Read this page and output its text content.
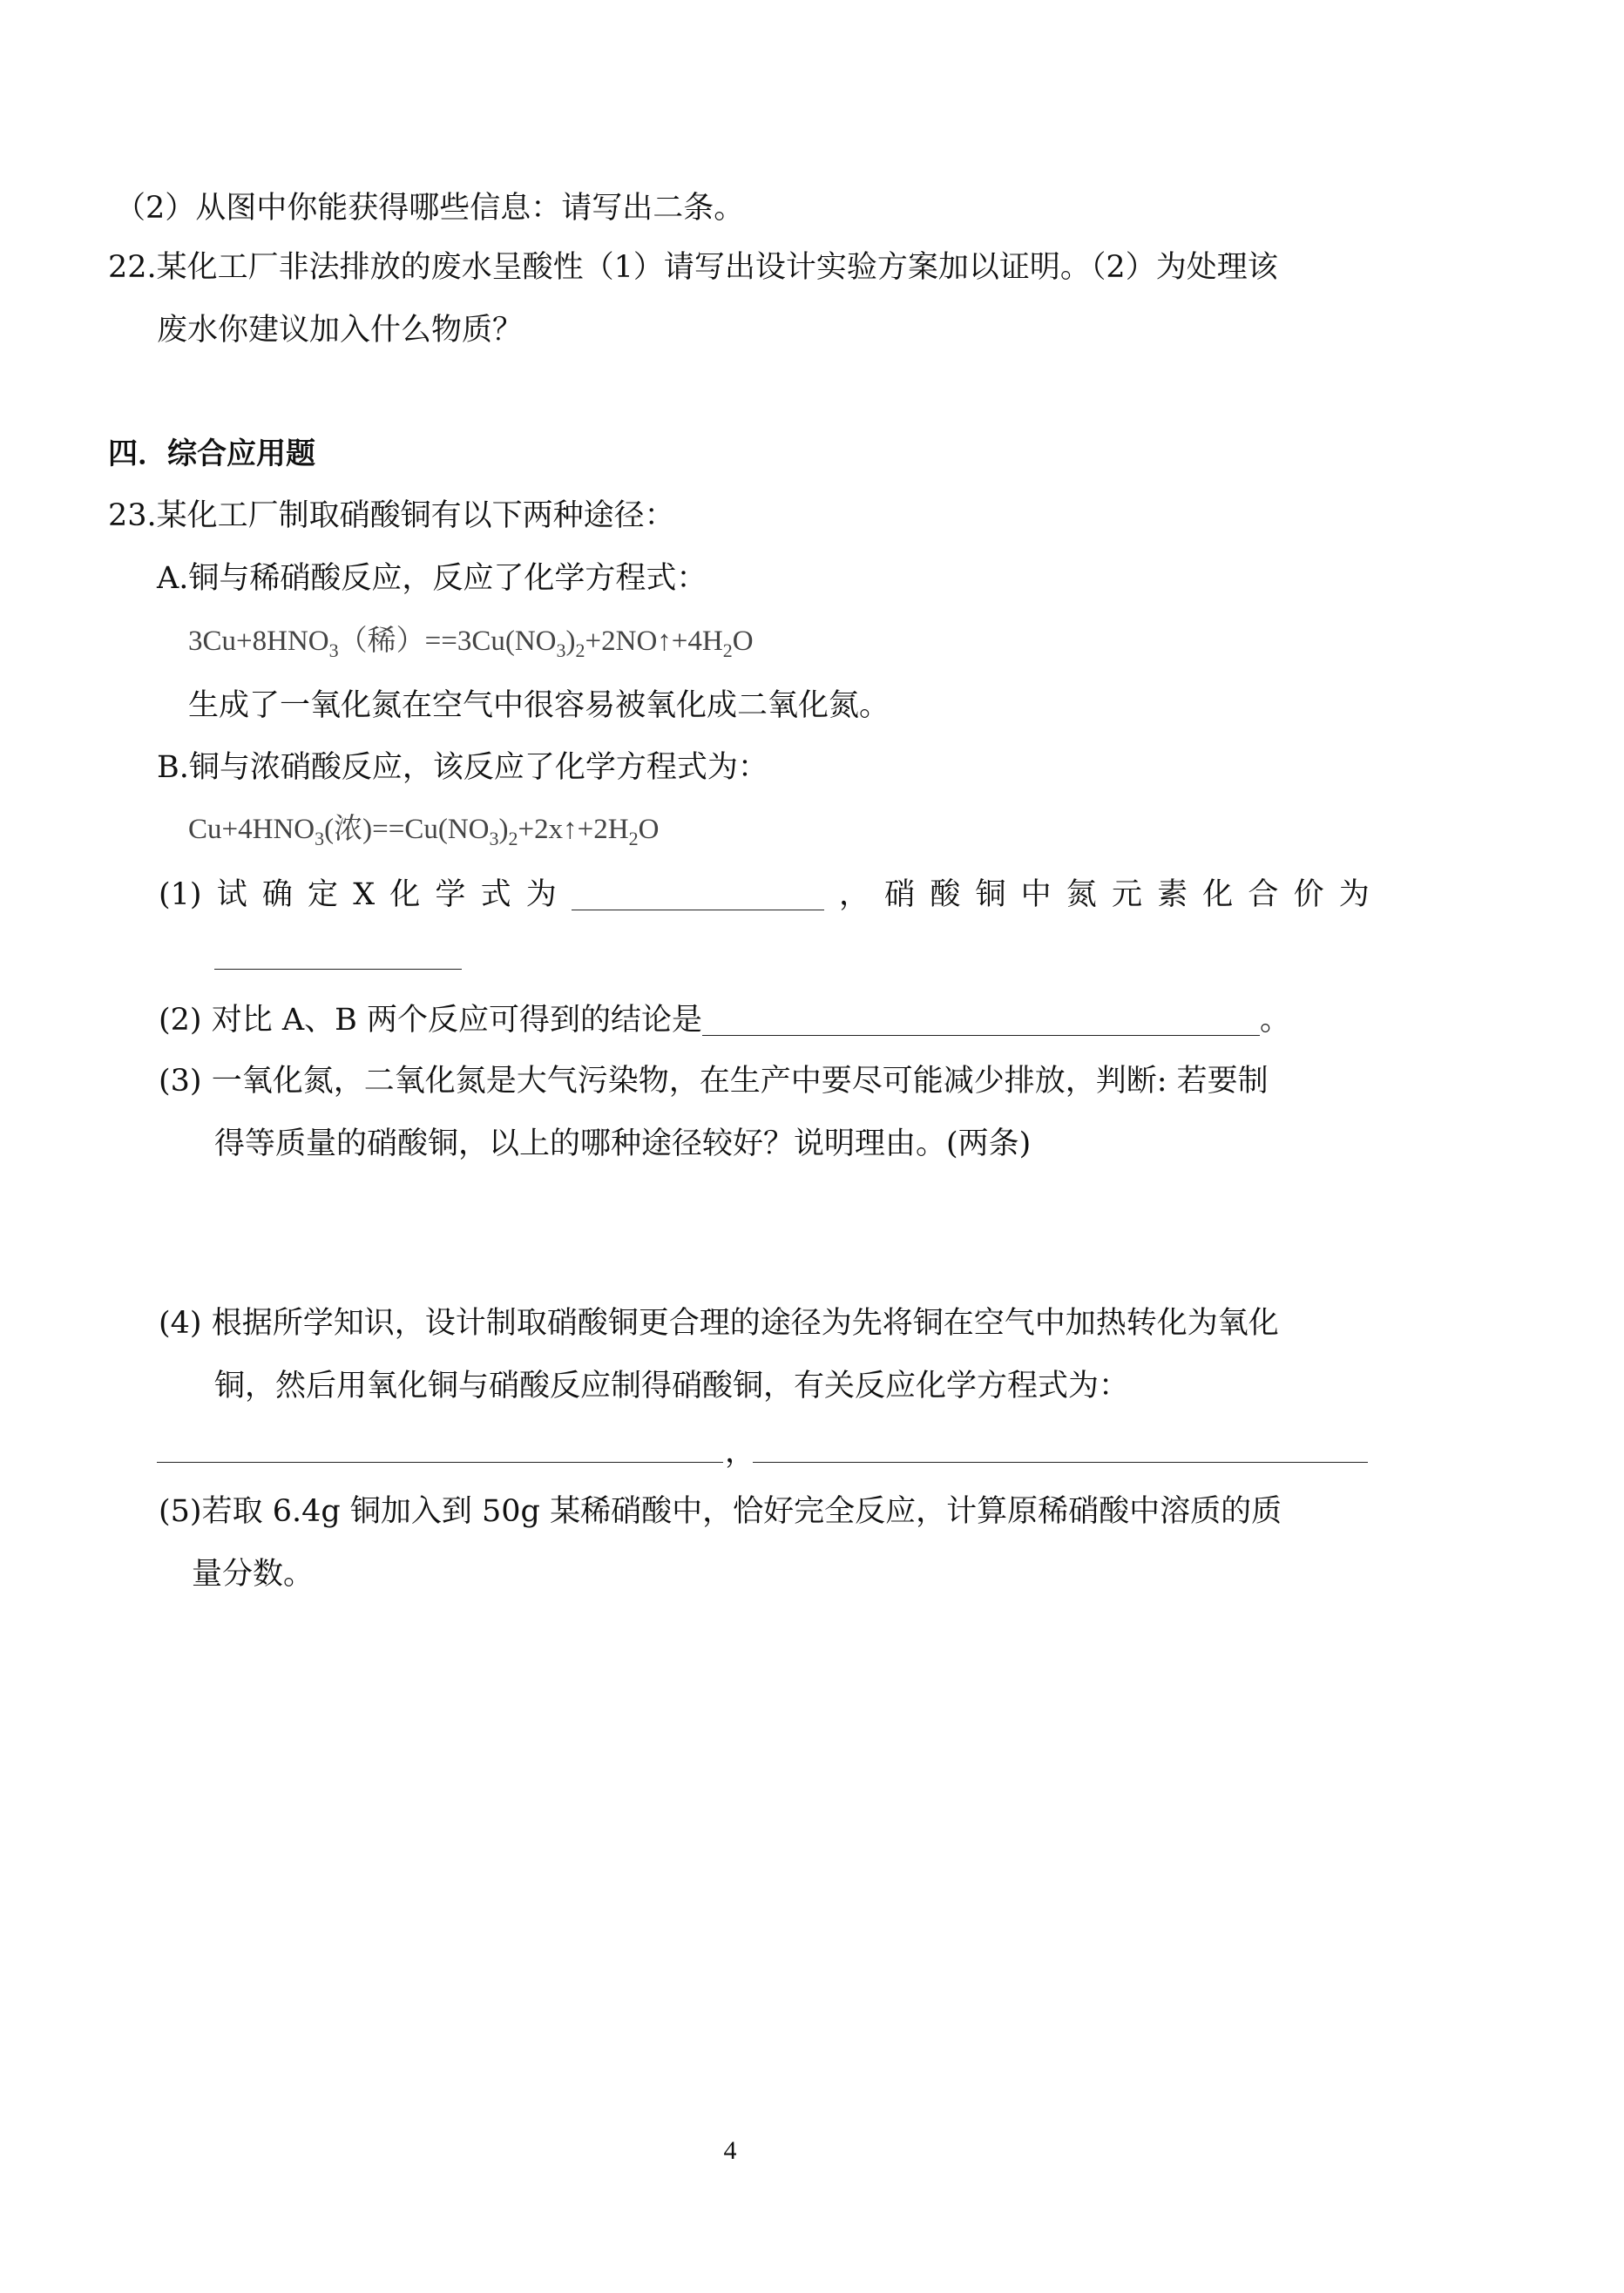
（2）从图中你能获得哪些信息：请写出二条。
22.某化工厂非法排放的废水呈酸性（1）请写出设计实验方案加以证明。（2）为处理该
废水你建议加入什么物质？
四．综合应用题
23.某化工厂制取硝酸铜有以下两种途径：
A.铜与稀硝酸反应，反应了化学方程式：
$3Cu+8HNO_3$（稀）$==3Cu(NO_3)_2+2NO↑+4H_2O$
生成了一氧化氮在空气中很容易被氧化成二氧化氮。
B.铜与浓硝酸反应，该反应了化学方程式为：
$Cu+4HNO_3$(浓)$==Cu(NO_3)_2+2x↑+2H_2O$
(1) 试 确 定 X 化 学 式 为	， 硝 酸 铜 中 氮 元 素 化 合 价 为
(2) 对比 A、B 两个反应可得到的结论是	。
(3) 一氧化氮，二氧化氮是大气污染物，在生产中要尽可能减少排放，判断: 若要制
得等质量的硝酸铜，以上的哪种途径较好？说明理由。(两条)
(4) 根据所学知识，设计制取硝酸铜更合理的途径为先将铜在空气中加热转化为氧化
铜，然后用氧化铜与硝酸反应制得硝酸铜，有关反应化学方程式为：
，
(5)若取 6.4g 铜加入到 50g 某稀硝酸中，恰好完全反应，计算原稀硝酸中溶质的质
量分数。
4
